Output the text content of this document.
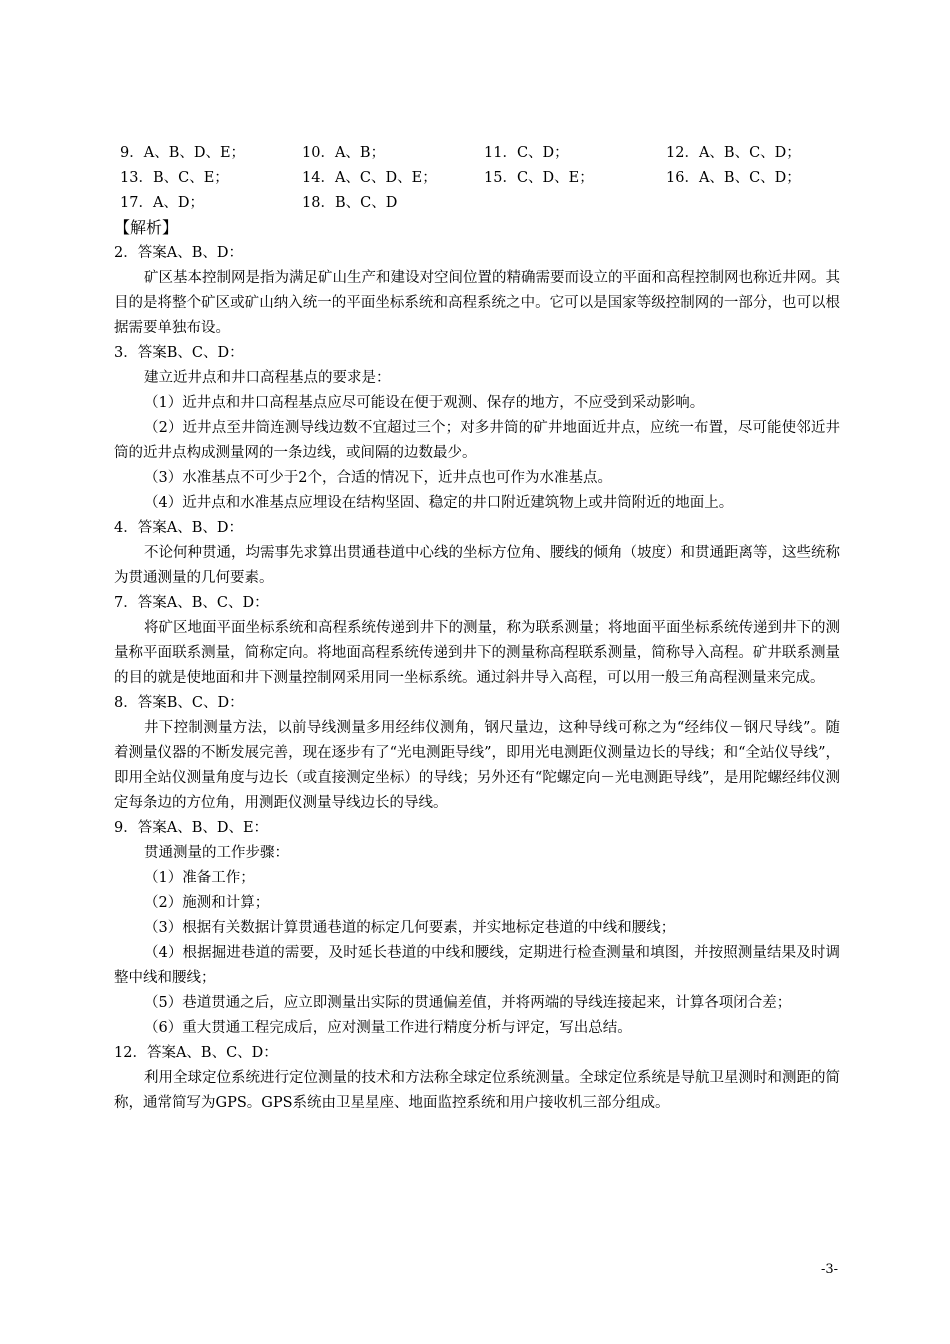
9．A、B、D、E；	10．A、B；	11．C、D；	12．A、B、C、D；
13．B、C、E；	14．A、C、D、E；	15．C、D、E；	16．A、B、C、D；
17．A、D；	18．B、C、D
【解析】
2．答案A、B、D：
矿区基本控制网是指为满足矿山生产和建设对空间位置的精确需要而设立的平面和高程控制网也称近井网。其目的是将整个矿区或矿山纳入统一的平面坐标系统和高程系统之中。它可以是国家等级控制网的一部分，也可以根据需要单独布设。
3．答案B、C、D：
建立近井点和井口高程基点的要求是：
（1）近井点和井口高程基点应尽可能设在便于观测、保存的地方，不应受到采动影响。
（2）近井点至井筒连测导线边数不宜超过三个；对多井筒的矿井地面近井点，应统一布置，尽可能使邻近井筒的近井点构成测量网的一条边线，或间隔的边数最少。
（3）水准基点不可少于2个，合适的情况下，近井点也可作为水准基点。
（4）近井点和水准基点应埋设在结构坚固、稳定的井口附近建筑物上或井筒附近的地面上。
4．答案A、B、D：
不论何种贯通，均需事先求算出贯通巷道中心线的坐标方位角、腰线的倾角（坡度）和贯通距离等，这些统称为贯通测量的几何要素。
7．答案A、B、C、D：
将矿区地面平面坐标系统和高程系统传递到井下的测量，称为联系测量；将地面平面坐标系统传递到井下的测量称平面联系测量，简称定向。将地面高程系统传递到井下的测量称高程联系测量，简称导入高程。矿井联系测量的目的就是使地面和井下测量控制网采用同一坐标系统。通过斜井导入高程，可以用一般三角高程测量来完成。
8．答案B、C、D：
井下控制测量方法，以前导线测量多用经纬仪测角，钢尺量边，这种导线可称之为“经纬仪－钢尺导线”。随着测量仪器的不断发展完善，现在逐步有了“光电测距导线”，即用光电测距仪测量边长的导线；和“全站仪导线”，即用全站仪测量角度与边长（或直接测定坐标）的导线；另外还有“陀螺定向－光电测距导线”，是用陀螺经纬仪测定每条边的方位角，用测距仪测量导线边长的导线。
9．答案A、B、D、E：
贯通测量的工作步骤：
（1）准备工作；
（2）施测和计算；
（3）根据有关数据计算贯通巷道的标定几何要素，并实地标定巷道的中线和腰线；
（4）根据掘进巷道的需要，及时延长巷道的中线和腰线，定期进行检查测量和填图，并按照测量结果及时调整中线和腰线；
（5）巷道贯通之后，应立即测量出实际的贯通偏差值，并将两端的导线连接起来，计算各项闭合差；
（6）重大贯通工程完成后，应对测量工作进行精度分析与评定，写出总结。
12．答案A、B、C、D：
利用全球定位系统进行定位测量的技术和方法称全球定位系统测量。全球定位系统是导航卫星测时和测距的简称，通常简写为GPS。GPS系统由卫星星座、地面监控系统和用户接收机三部分组成。
-3-
